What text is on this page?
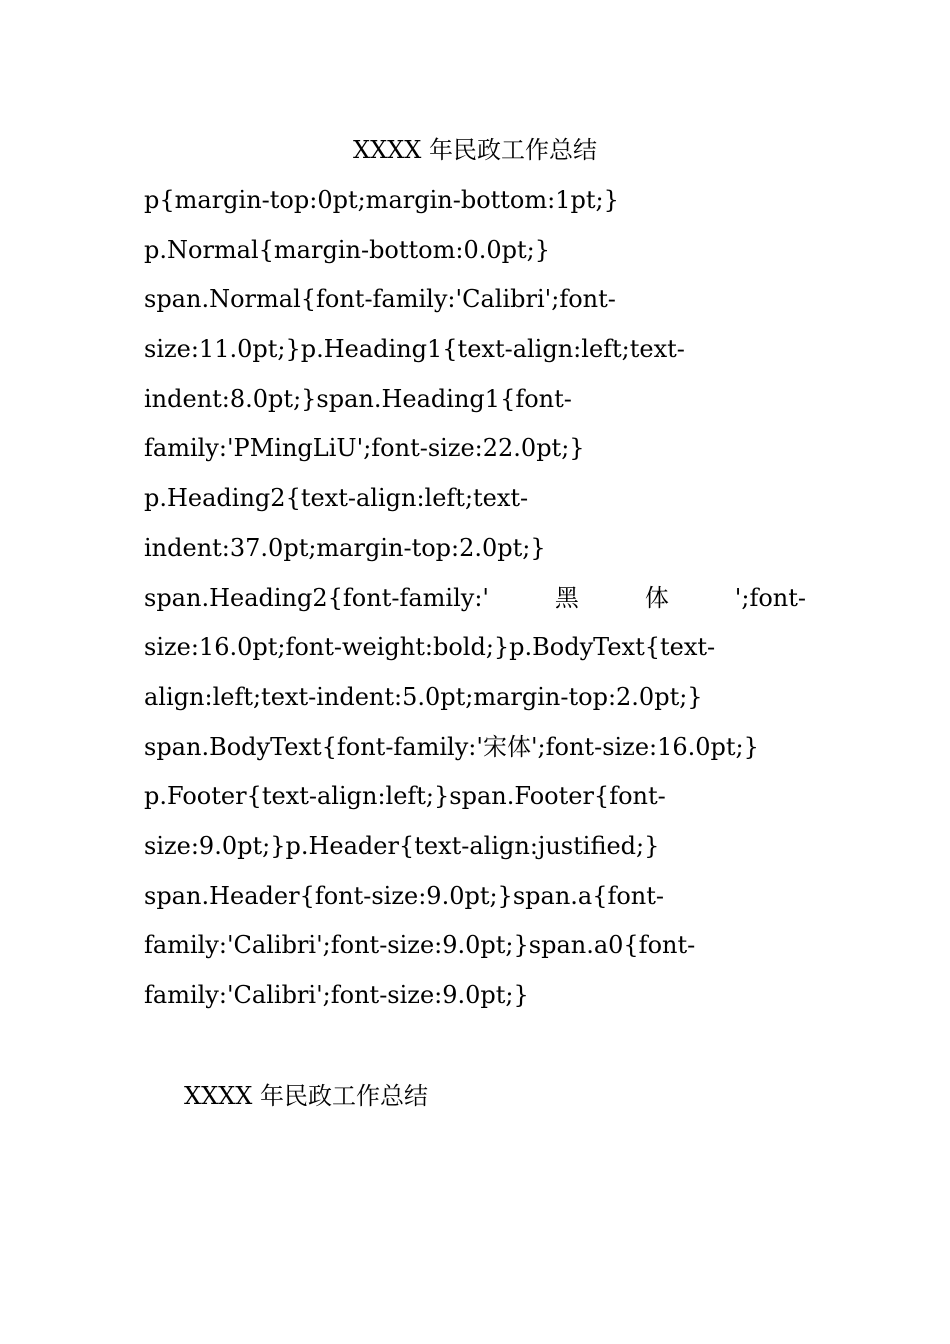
XXXX 年民政工作总结
p{margin-top:0pt;margin-bottom:1pt;}
p.Normal{margin-bottom:0.0pt;}
span.Normal{font-family:'Calibri';font-
size:11.0pt;}p.Heading1{text-align:left;text-
indent:8.0pt;}span.Heading1{font-
family:'PMingLiU';font-size:22.0pt;}
p.Heading2{text-align:left;text-
indent:37.0pt;margin-top:2.0pt;}
span.Heading2{font-family:'	黑	体	';font-
size:16.0pt;font-weight:bold;}p.BodyText{text-
align:left;text-indent:5.0pt;margin-top:2.0pt;}
span.BodyText{font-family:'宋体';font-size:16.0pt;}
p.Footer{text-align:left;}span.Footer{font-
size:9.0pt;}p.Header{text-align:justified;}
span.Header{font-size:9.0pt;}span.a{font-
family:'Calibri';font-size:9.0pt;}span.a0{font-
family:'Calibri';font-size:9.0pt;}
XXXX 年民政工作总结
